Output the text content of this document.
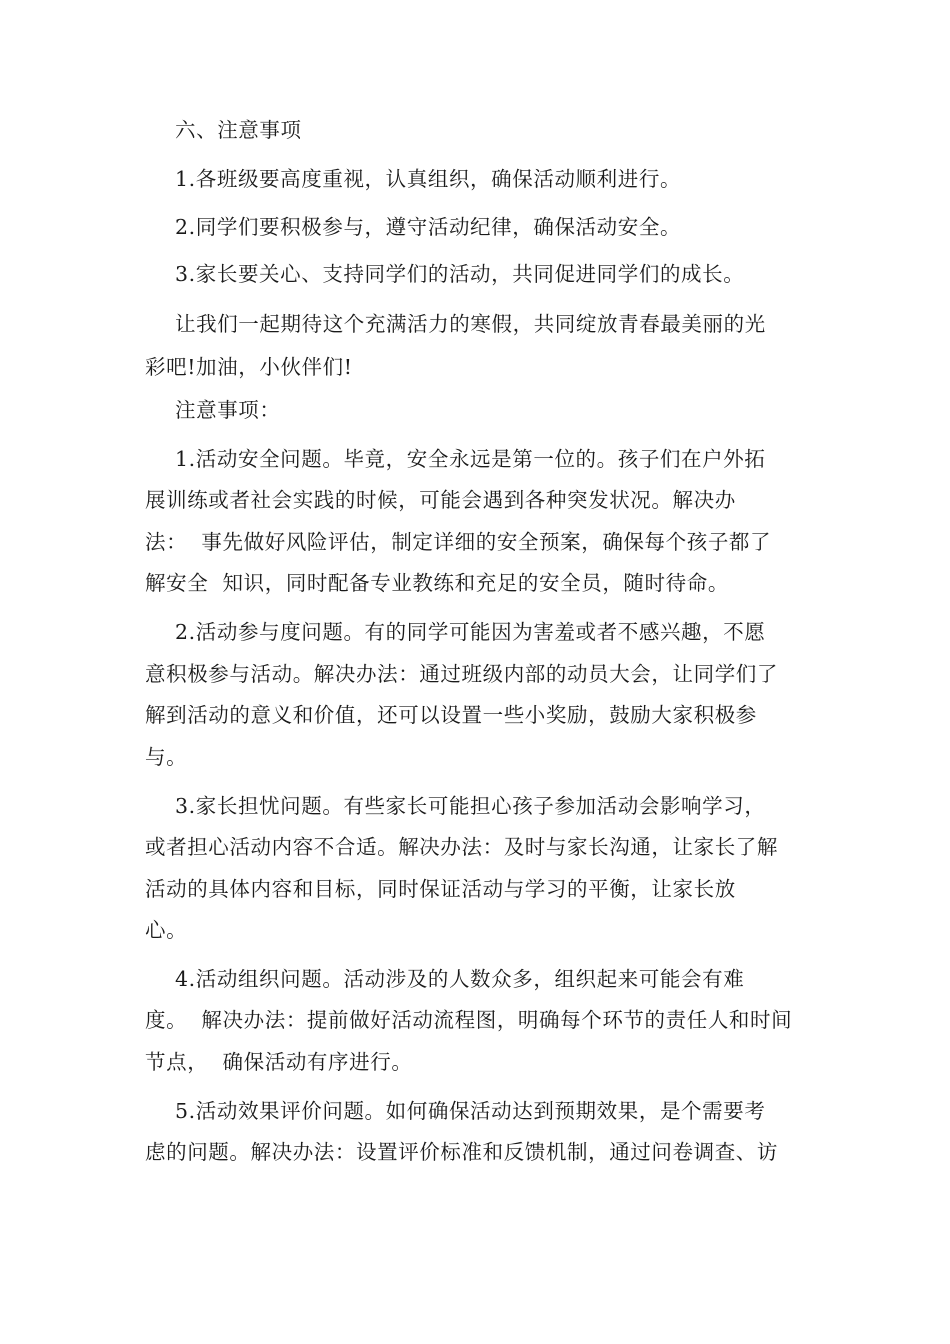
六、注意事项
1.各班级要高度重视，认真组织，确保活动顺利进行。
2.同学们要积极参与，遵守活动纪律，确保活动安全。
3.家长要关心、支持同学们的活动，共同促进同学们的成长。
让我们一起期待这个充满活力的寒假，共同绽放青春最美丽的光
彩吧!加油，小伙伴们!
注意事项：
1.活动安全问题。毕竟，安全永远是第一位的。孩子们在户外拓
展训练或者社会实践的时候，可能会遇到各种突发状况。解决办
法：  事先做好风险评估，制定详细的安全预案，确保每个孩子都了
解安全  知识，同时配备专业教练和充足的安全员，随时待命。
2.活动参与度问题。有的同学可能因为害羞或者不感兴趣，不愿
意积极参与活动。解决办法：通过班级内部的动员大会，让同学们了
解到活动的意义和价值，还可以设置一些小奖励，鼓励大家积极参
与。
3.家长担忧问题。有些家长可能担心孩子参加活动会影响学习，
或者担心活动内容不合适。解决办法：及时与家长沟通，让家长了解
活动的具体内容和目标，同时保证活动与学习的平衡，让家长放
心。
4.活动组织问题。活动涉及的人数众多，组织起来可能会有难
度。  解决办法：提前做好活动流程图，明确每个环节的责任人和时间
节点，  确保活动有序进行。
5.活动效果评价问题。如何确保活动达到预期效果，是个需要考
虑的问题。解决办法：设置评价标准和反馈机制，通过问卷调查、访
